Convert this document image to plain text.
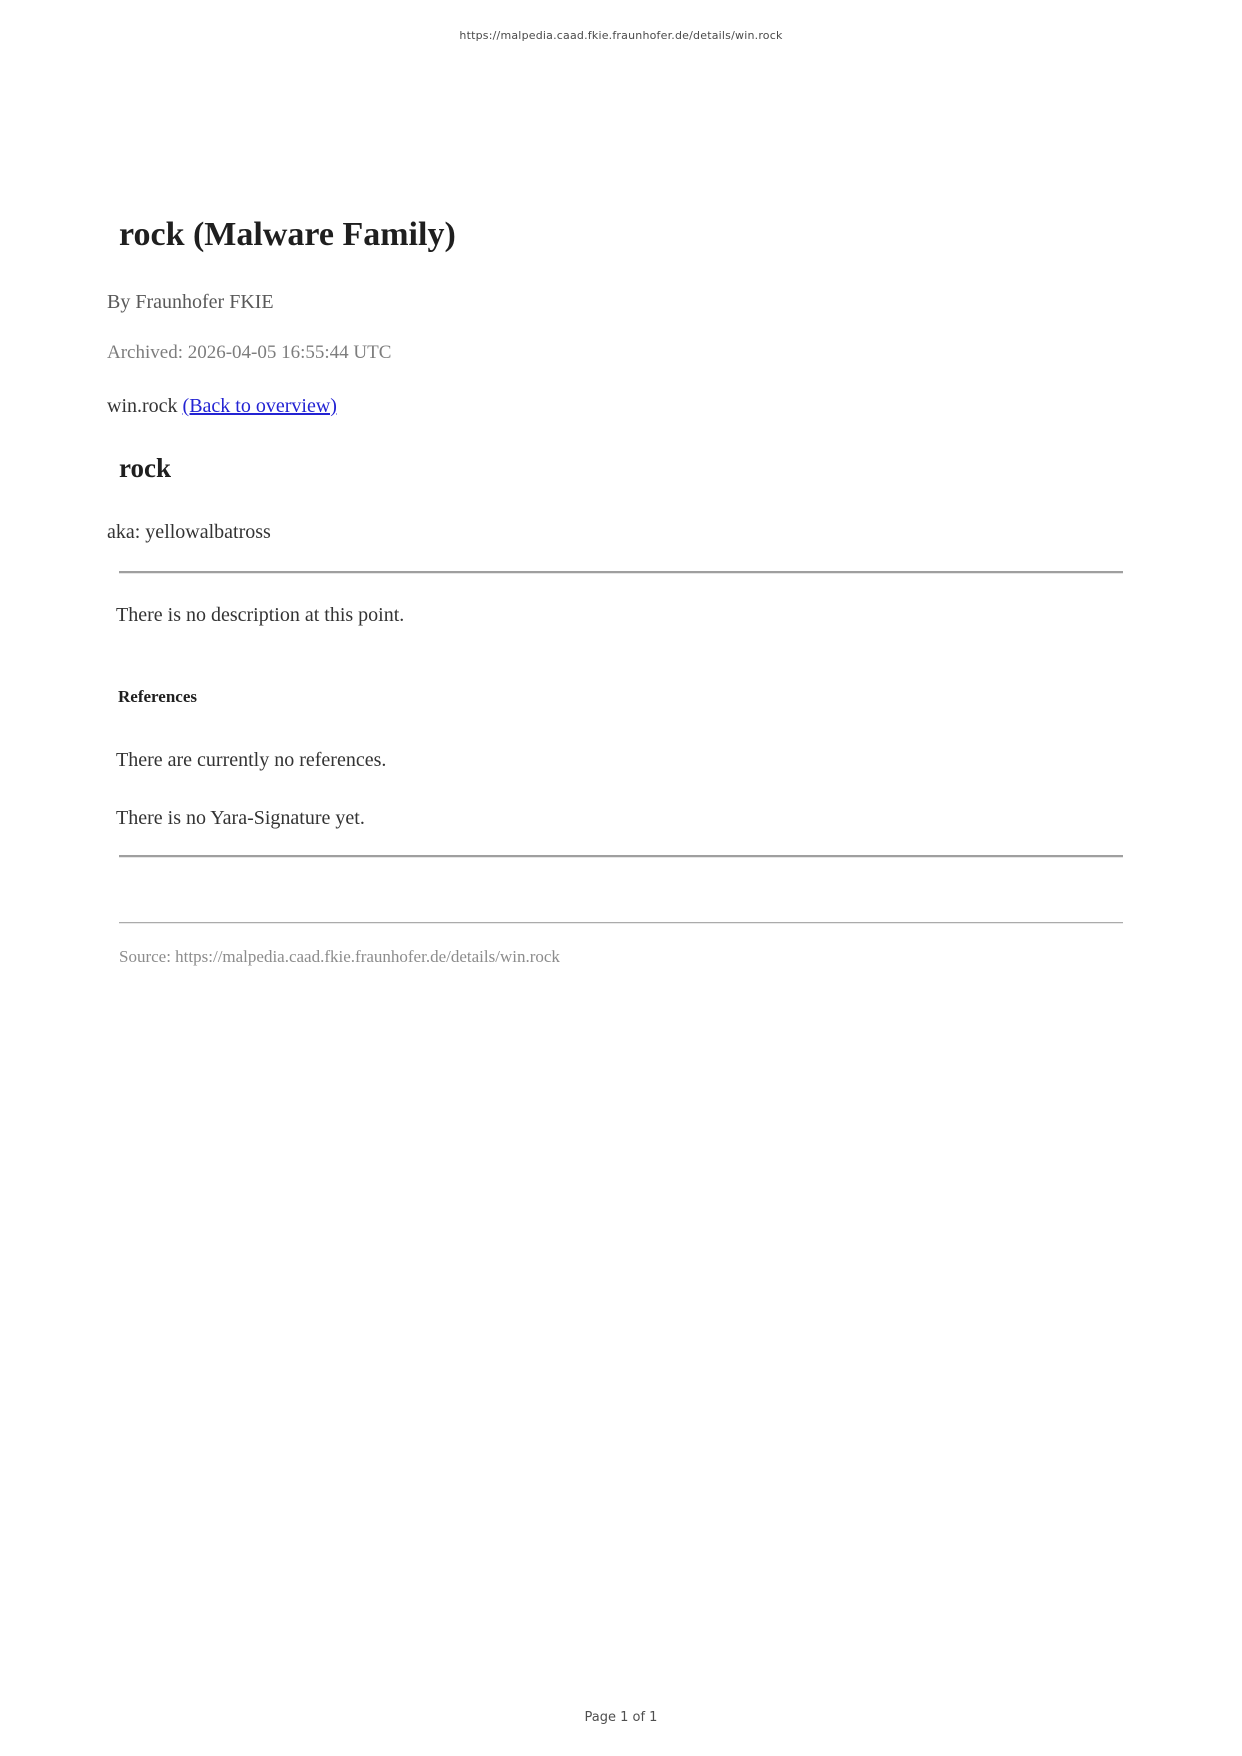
https://malpedia.caad.fkie.fraunhofer.de/details/win.rock
rock (Malware Family)

By Fraunhofer FKIE

Archived: 2026-04-05 16:55:44 UTC

win.rock (Back to overview)

rock

aka: yellowalbatross

There is no description at this point.

References

There are currently no references.

There is no Yara-Signature yet.

Source: https://malpedia.caad.fkie.fraunhofer.de/details/win.rock

Page 1 of 1
